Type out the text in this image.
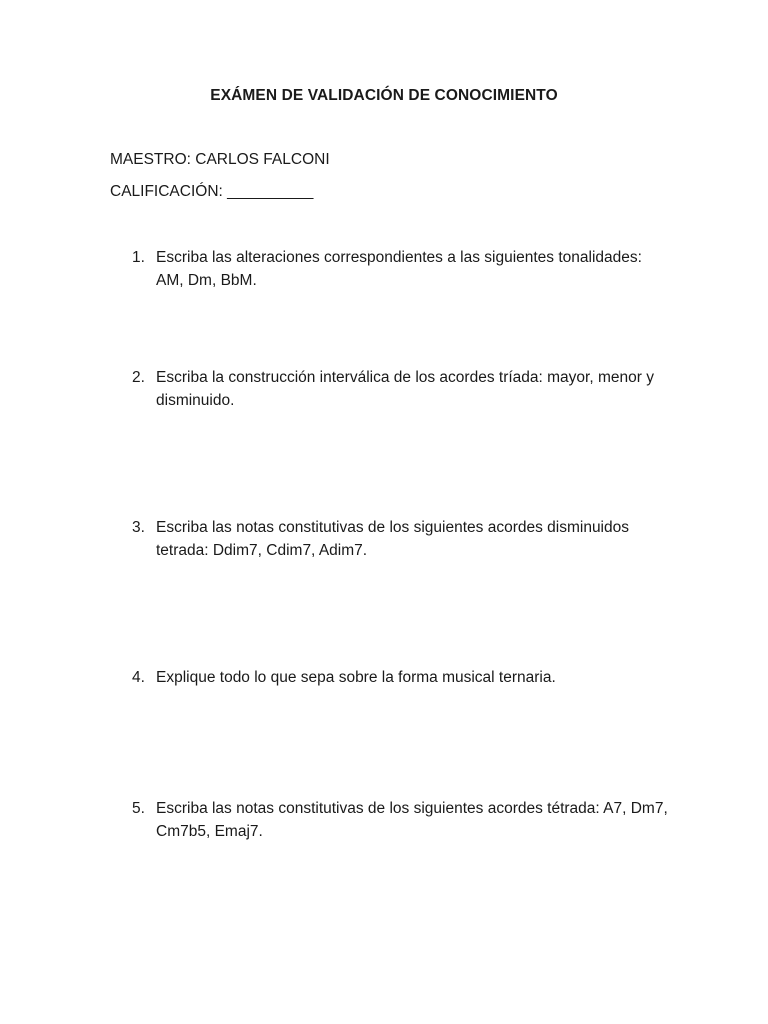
EXÁMEN DE VALIDACIÓN DE CONOCIMIENTO
MAESTRO: CARLOS FALCONI
CALIFICACIÓN: __________
1. Escriba las alteraciones correspondientes a las siguientes tonalidades: AM, Dm, BbM.
2. Escriba la construcción interválica de los acordes tríada: mayor, menor y disminuido.
3. Escriba las notas constitutivas de los siguientes acordes disminuidos tetrada: Ddim7, Cdim7, Adim7.
4. Explique todo lo que sepa sobre la forma musical ternaria.
5. Escriba las notas constitutivas de los siguientes acordes tétrada: A7, Dm7, Cm7b5, Emaj7.
